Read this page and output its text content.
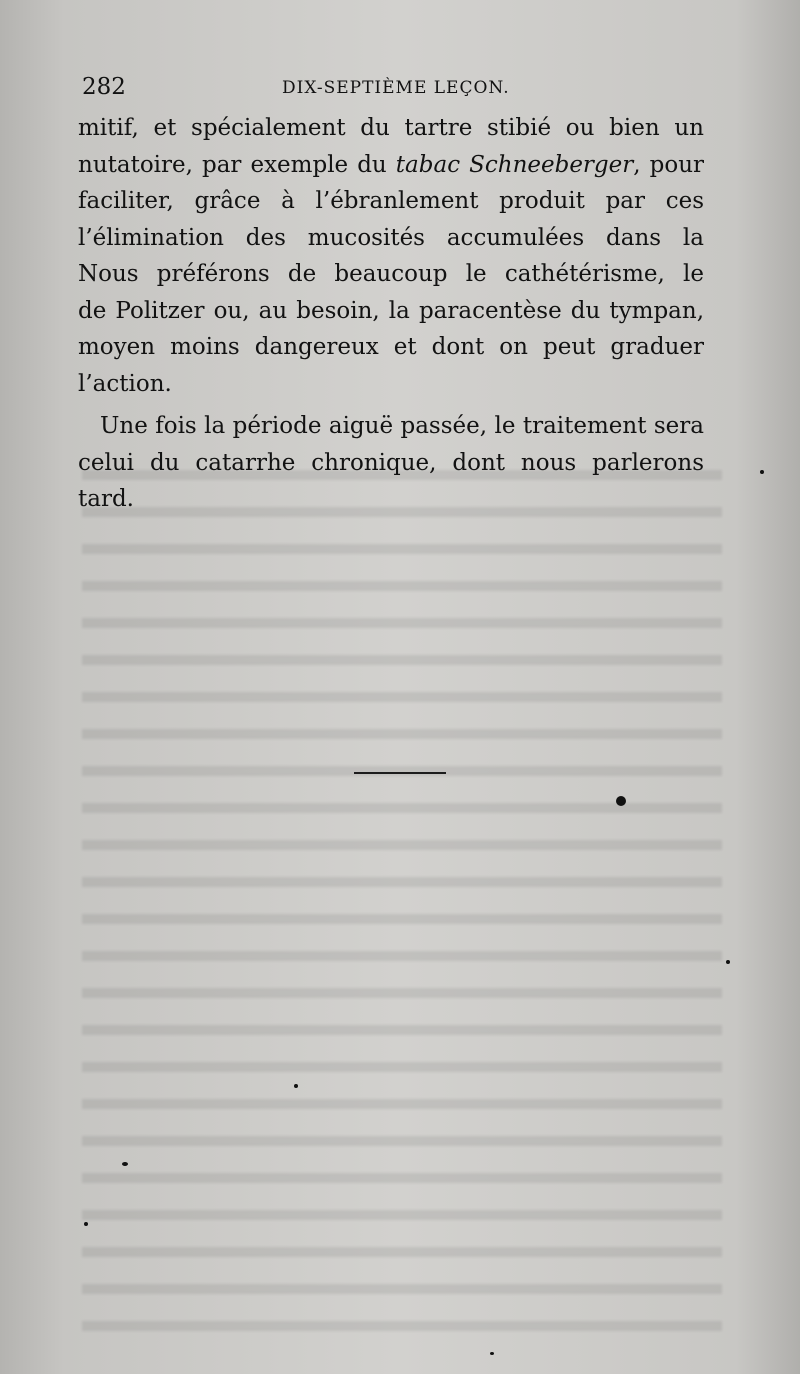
282	DIX-SEPTIÈME LEÇON.
mitif, et spécialement du tartre stibié ou bien un
nutatoire, par exemple du tabac Schneeberger, pour
faciliter, grâce à l’ébranlement produit par ces
l’élimination des mucosités accumulées dans la
Nous préférons de beaucoup le cathétérisme, le
de Politzer ou, au besoin, la paracentèse du tympan,
moyen moins dangereux et dont on peut graduer
l’action.
Une fois la période aiguë passée, le traitement sera
celui du catarrhe chronique, dont nous parlerons
tard.
